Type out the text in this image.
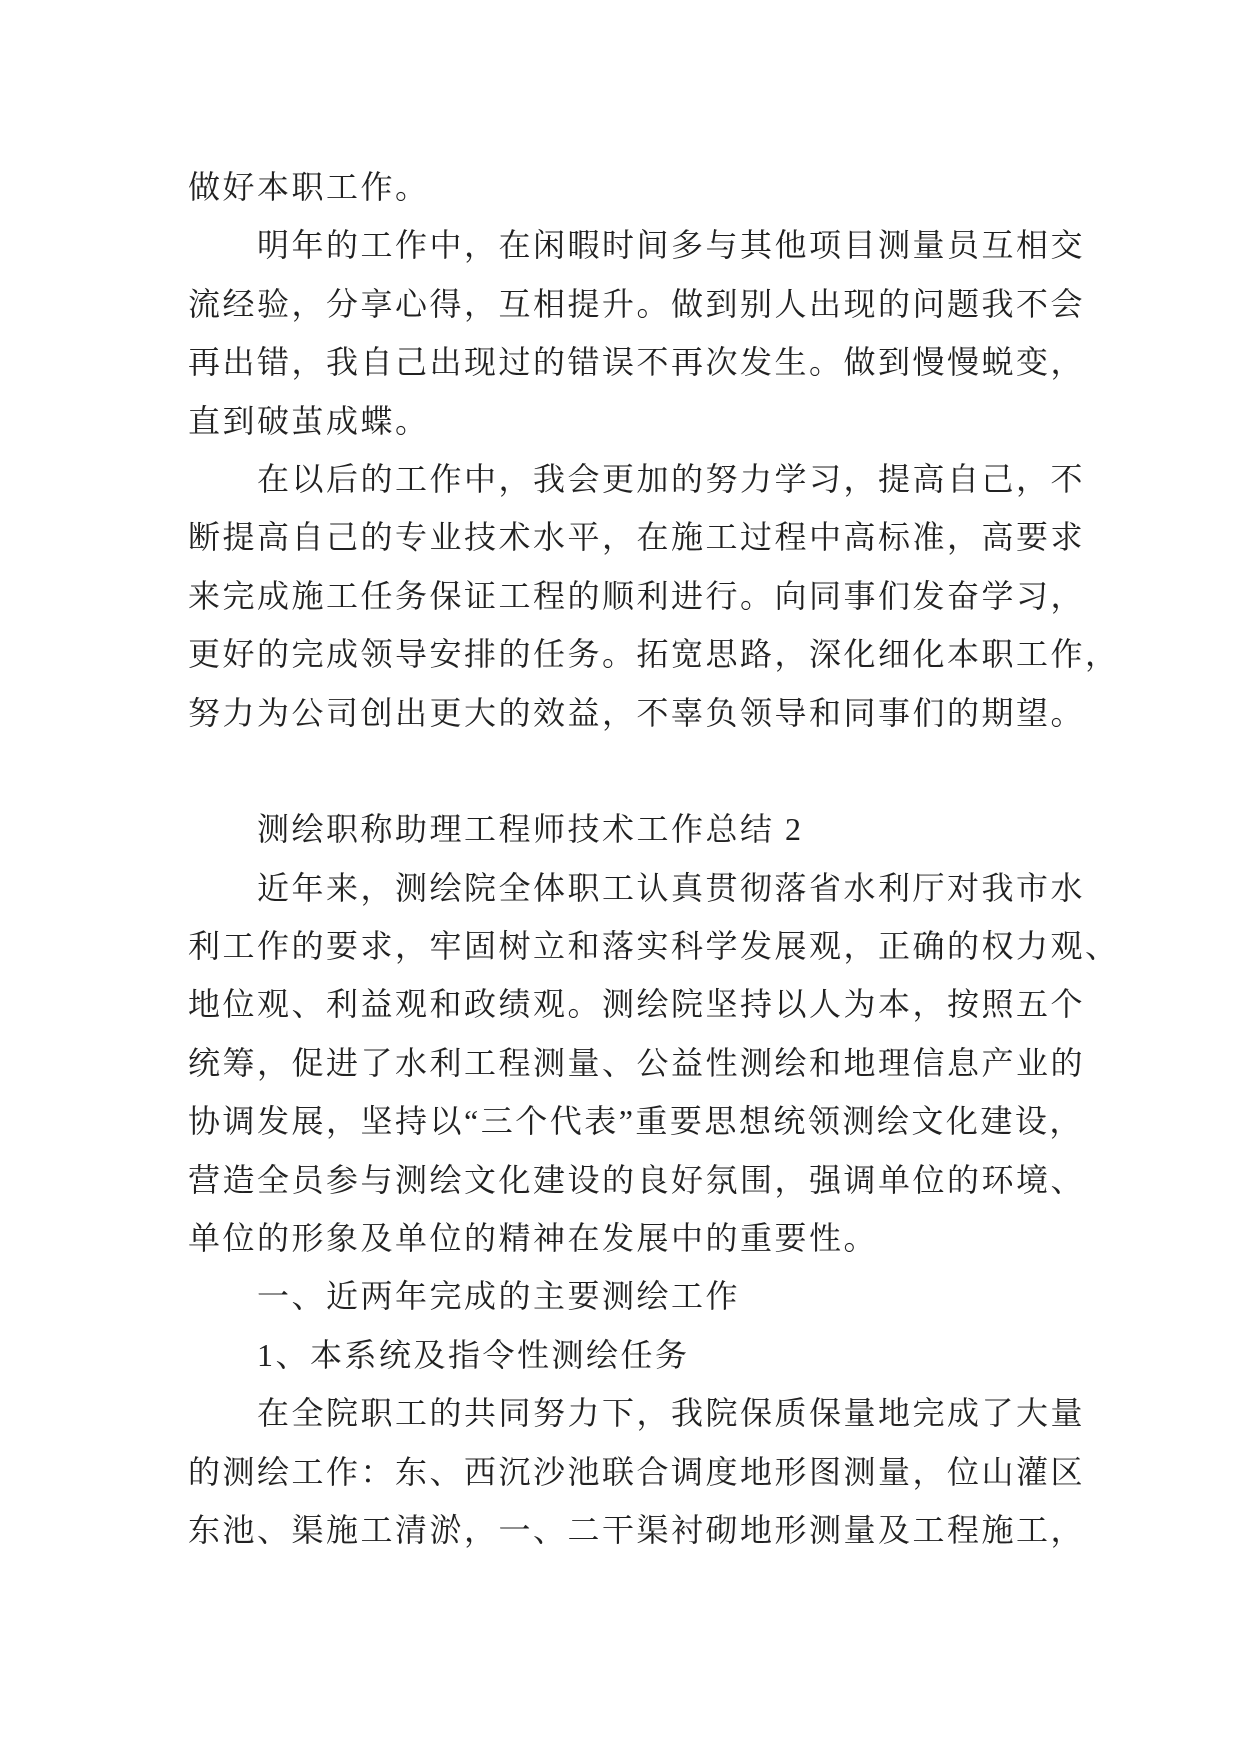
做好本职工作。
明年的工作中，在闲暇时间多与其他项目测量员互相交
流经验，分享心得，互相提升。做到别人出现的问题我不会
再出错，我自己出现过的错误不再次发生。做到慢慢蜕变，
直到破茧成蝶。
在以后的工作中，我会更加的努力学习，提高自己，不
断提高自己的专业技术水平，在施工过程中高标准，高要求
来完成施工任务保证工程的顺利进行。向同事们发奋学习，
更好的完成领导安排的任务。拓宽思路，深化细化本职工作，
努力为公司创出更大的效益，不辜负领导和同事们的期望。
测绘职称助理工程师技术工作总结 2
近年来，测绘院全体职工认真贯彻落省水利厅对我市水
利工作的要求，牢固树立和落实科学发展观，正确的权力观、
地位观、利益观和政绩观。测绘院坚持以人为本，按照五个
统筹，促进了水利工程测量、公益性测绘和地理信息产业的
协调发展，坚持以“三个代表”重要思想统领测绘文化建设，
营造全员参与测绘文化建设的良好氛围，强调单位的环境、
单位的形象及单位的精神在发展中的重要性。
一、近两年完成的主要测绘工作
1、本系统及指令性测绘任务
在全院职工的共同努力下，我院保质保量地完成了大量
的测绘工作：东、西沉沙池联合调度地形图测量，位山灌区
东池、渠施工清淤，一、二干渠衬砌地形测量及工程施工，
